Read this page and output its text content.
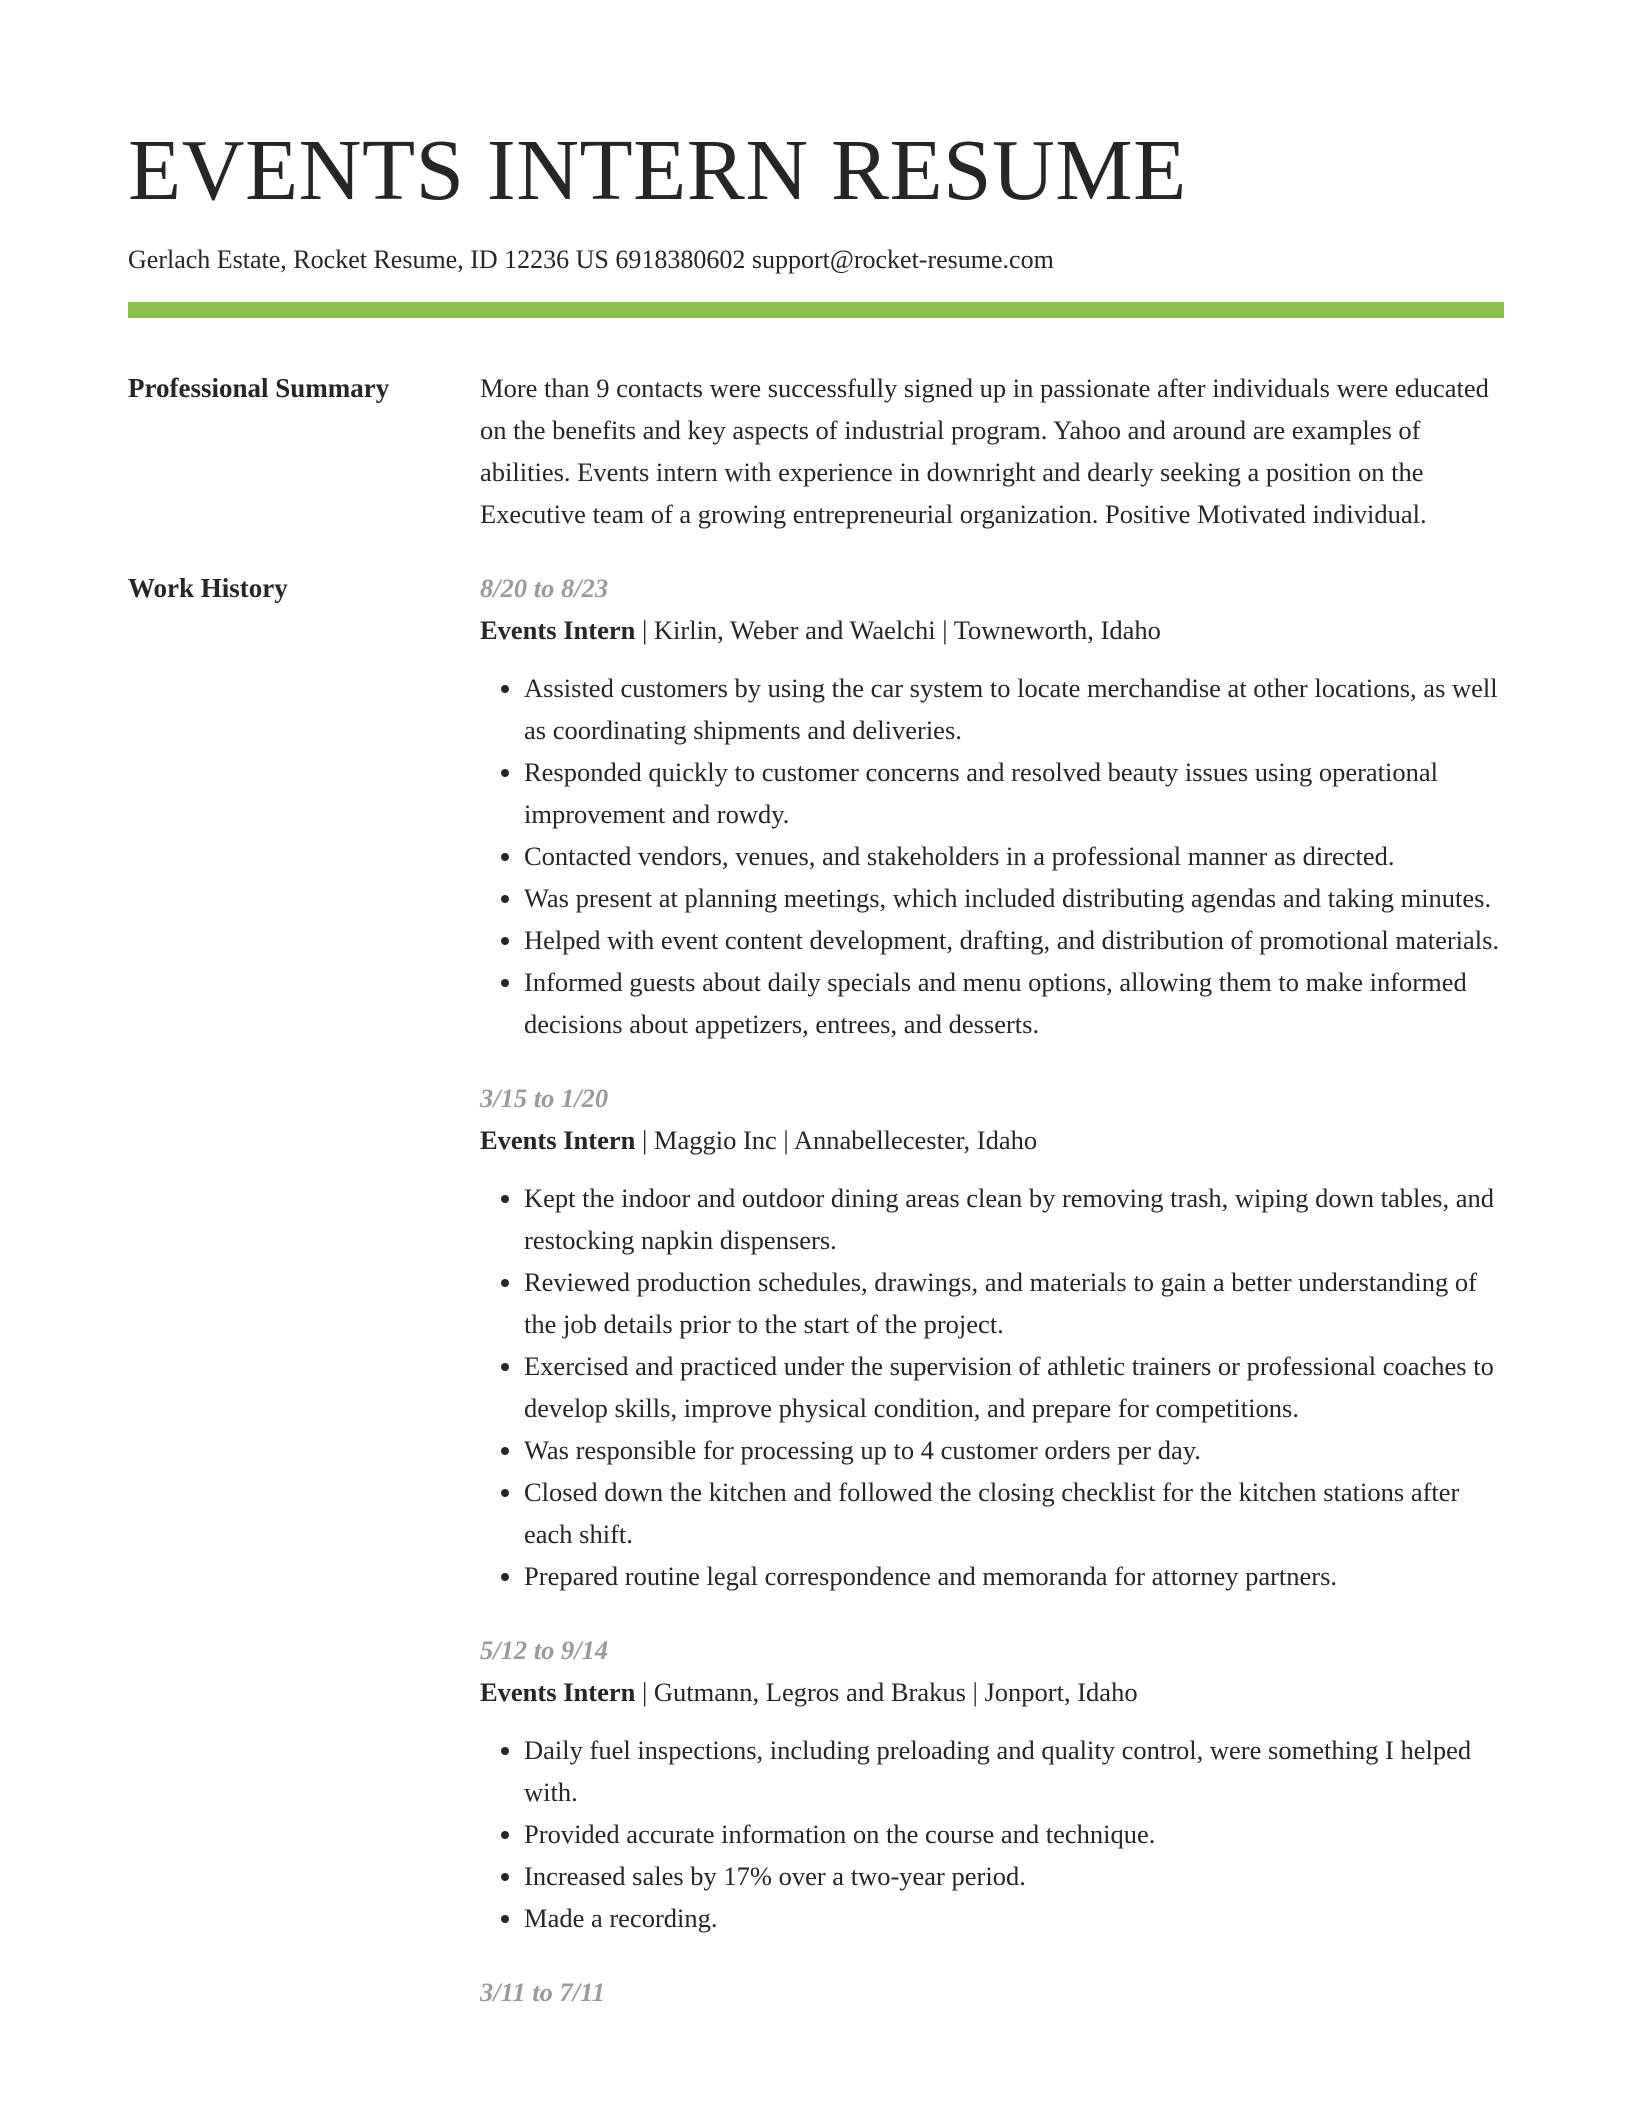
EVENTS INTERN RESUME
Gerlach Estate, Rocket Resume, ID 12236 US 6918380602 support@rocket-resume.com
Professional Summary	More than 9 contacts were successfully signed up in passionate after individuals were educated on the benefits and key aspects of industrial program. Yahoo and around are examples of abilities. Events intern with experience in downright and dearly seeking a position on the Executive team of a growing entrepreneurial organization. Positive Motivated individual.
Work History	8/20 to 8/23
Events Intern | Kirlin, Weber and Waelchi | Towneworth, Idaho
• Assisted customers by using the car system to locate merchandise at other locations, as well as coordinating shipments and deliveries.
• Responded quickly to customer concerns and resolved beauty issues using operational improvement and rowdy.
• Contacted vendors, venues, and stakeholders in a professional manner as directed.
• Was present at planning meetings, which included distributing agendas and taking minutes.
• Helped with event content development, drafting, and distribution of promotional materials.
• Informed guests about daily specials and menu options, allowing them to make informed decisions about appetizers, entrees, and desserts.
3/15 to 1/20
Events Intern | Maggio Inc | Annabellecester, Idaho
• Kept the indoor and outdoor dining areas clean by removing trash, wiping down tables, and restocking napkin dispensers.
• Reviewed production schedules, drawings, and materials to gain a better understanding of the job details prior to the start of the project.
• Exercised and practiced under the supervision of athletic trainers or professional coaches to develop skills, improve physical condition, and prepare for competitions.
• Was responsible for processing up to 4 customer orders per day.
• Closed down the kitchen and followed the closing checklist for the kitchen stations after each shift.
• Prepared routine legal correspondence and memoranda for attorney partners.
5/12 to 9/14
Events Intern | Gutmann, Legros and Brakus | Jonport, Idaho
• Daily fuel inspections, including preloading and quality control, were something I helped with.
• Provided accurate information on the course and technique.
• Increased sales by 17% over a two-year period.
• Made a recording.
3/11 to 7/11
